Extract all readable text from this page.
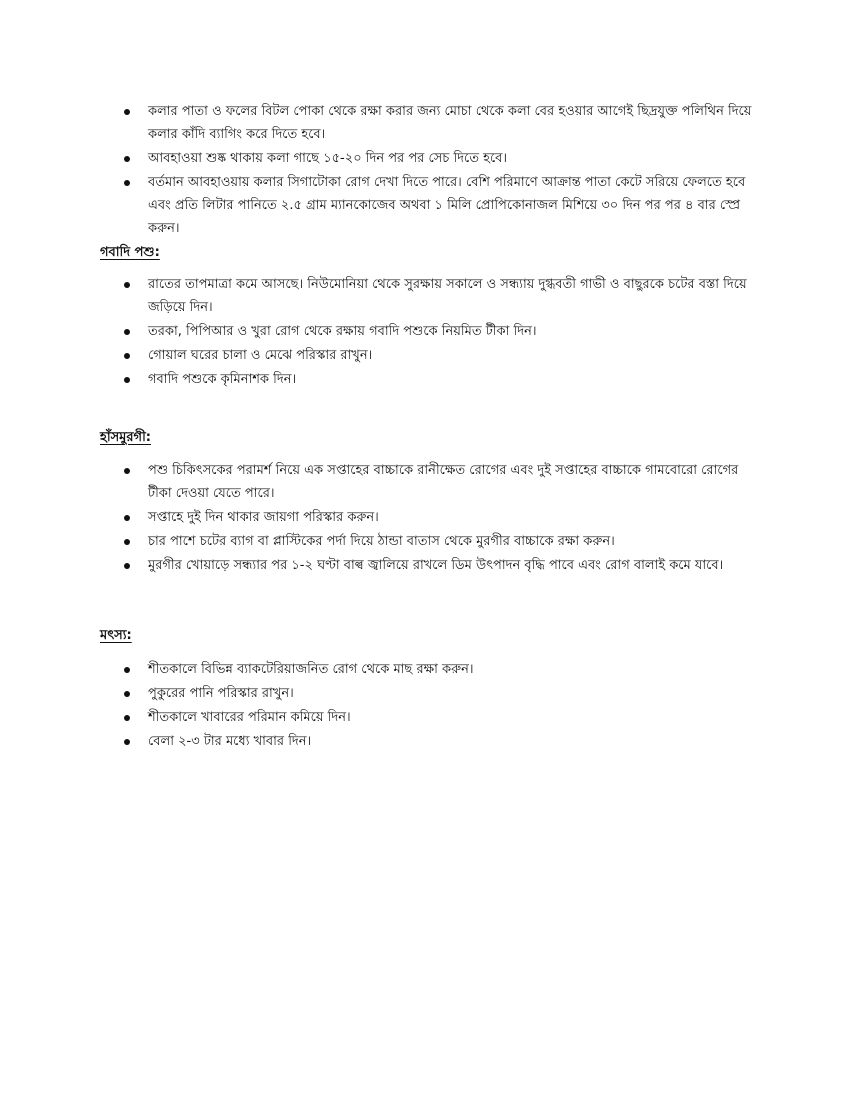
কলার পাতা ও ফলের বিটল পোকা থেকে রক্ষা করার জন্য মোচা থেকে কলা বের হওয়ার আগেই ছিদ্রযুক্ত পলিথিন দিয়ে কলার কাঁদি ব্যাগিং করে দিতে হবে।
আবহাওয়া শুষ্ক থাকায় কলা গাছে ১৫-২০ দিন পর পর সেচ দিতে হবে।
বর্তমান আবহাওয়ায় কলার সিগাটোকা রোগ দেখা দিতে পারে। বেশি পরিমাণে আক্রান্ত পাতা কেটে সরিয়ে ফেলতে হবে এবং প্রতি লিটার পানিতে ২.৫ গ্রাম ম্যানকোজেব অথবা ১ মিলি প্রোপিকোনাজল মিশিয়ে ৩০ দিন পর পর ৪ বার স্প্রে করুন।
গবাদি পশু:
রাতের তাপমাত্রা কমে আসছে। নিউমোনিয়া থেকে সুরক্ষায় সকালে ও সন্ধ্যায় দুগ্ধবতী গাভী ও বাছুরকে চটের বস্তা দিয়ে জড়িয়ে দিন।
তরকা, পিপিআর ও খুরা রোগ থেকে রক্ষায় গবাদি পশুকে নিয়মিত টীকা দিন।
গোয়াল ঘরের চালা ও মেঝে পরিস্কার রাখুন।
গবাদি পশুকে কৃমিনাশক দিন।
হাঁসমুরগী:
পশু চিকিৎসকের পরামর্শ নিয়ে এক সপ্তাহের বাচ্চাকে রানীক্ষেত রোগের এবং দুই সপ্তাহের বাচ্চাকে গামবোরো রোগের টীকা দেওয়া যেতে পারে।
সপ্তাহে দুই দিন থাকার জায়গা পরিস্কার করুন।
চার পাশে চটের ব্যাগ বা প্লাস্টিকের পর্দা দিয়ে ঠান্ডা বাতাস থেকে মুরগীর বাচ্চাকে রক্ষা করুন।
মুরগীর খোয়াড়ে সন্ধ্যার পর ১-২ ঘণ্টা বাল্ব জ্বালিয়ে রাখলে ডিম উৎপাদন বৃদ্ধি পাবে এবং রোগ বালাই কমে যাবে।
মৎস্য:
শীতকালে বিভিন্ন ব্যাকটেরিয়াজনিত রোগ থেকে মাছ রক্ষা করুন।
পুকুরের পানি পরিস্কার রাখুন।
শীতকালে খাবারের পরিমান কমিয়ে দিন।
বেলা ২-৩ টার মধ্যে খাবার দিন।
